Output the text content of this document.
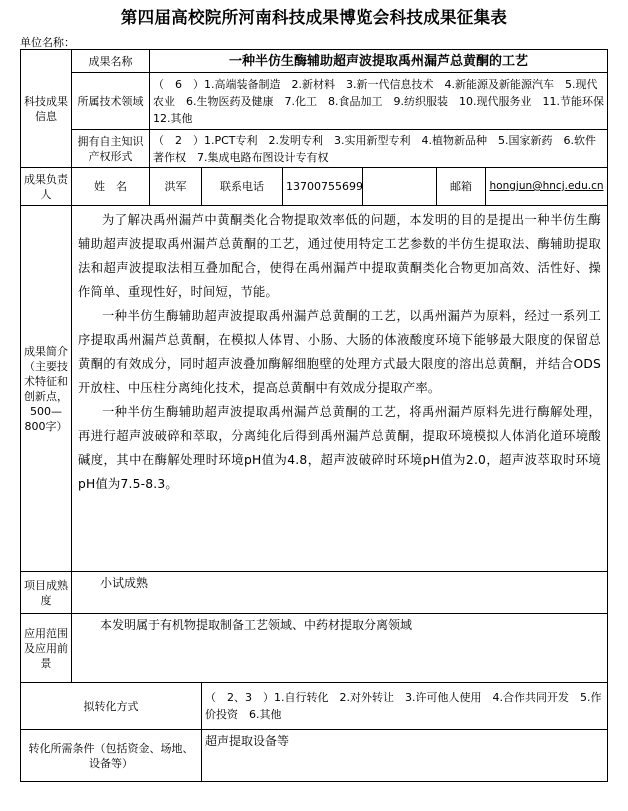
第四届高校院所河南科技成果博览会科技成果征集表
单位名称：
科技成果信息	成果名称	一种半仿生酶辅助超声波提取禹州漏芦总黄酮的工艺					
	所属技术领域	（　6　）1.高端装备制造　2.新材料　3.新一代信息技术　4.新能源及新能源汽车　5.现代农业　6.生物医药及健康　7.化工　8.食品加工　9.纺织服装　10.现代服务业　11.节能环保　12.其他					
	拥有自主知识产权形式	（　2　）1.PCT专利　2.发明专利　3.实用新型专利　4.植物新品种　5.国家新药　6.软件著作权　7.集成电路布图设计专有权					
成果负责人	姓　名	洪军	联系电话	13700755699		邮箱	hongjun@hncj.edu.cn
成果简介（主要技术特征和创新点，500—800字）	为了解决禹州漏芦中黄酮类化合物提取效率低的问题，本发明的目的是提出一种半仿生酶辅助超声波提取禹州漏芦总黄酮的工艺，通过使用特定工艺参数的半仿生提取法、酶辅助提取法和超声波提取法相互叠加配合，使得在禹州漏芦中提取黄酮类化合物更加高效、活性好、操作简单、重现性好，时间短，节能。

一种半仿生酶辅助超声波提取禹州漏芦总黄酮的工艺，以禹州漏芦为原料，经过一系列工序提取禹州漏芦总黄酮，在模拟人体胃、小肠、大肠的体液酸度环境下能够最大限度的保留总黄酮的有效成分，同时超声波叠加酶解细胞壁的处理方式最大限度的溶出总黄酮，并结合ODS开放柱、中压柱分离纯化技术，提高总黄酮中有效成分提取产率。

一种半仿生酶辅助超声波提取禹州漏芦总黄酮的工艺，将禹州漏芦原料先进行酶解处理，再进行超声波破碎和萃取，分离纯化后得到禹州漏芦总黄酮，提取环境模拟人体消化道环境酸碱度，其中在酶解处理时环境pH值为4.8，超声波破碎时环境pH值为2.0，超声波萃取时环境pH值为7.5-8.3。						

项目成熟度	小试成熟						
应用范围及应用前景	本发明属于有机物提取制备工艺领域、中药材提取分离领域						
拟转化方式			（　2、3　）1.自行转化　2.对外转让　3.许可他人使用　4.合作共同开发　5.作价投资　6.其他				
转化所需条件（包括资金、场地、设备等）			超声提取设备等				
